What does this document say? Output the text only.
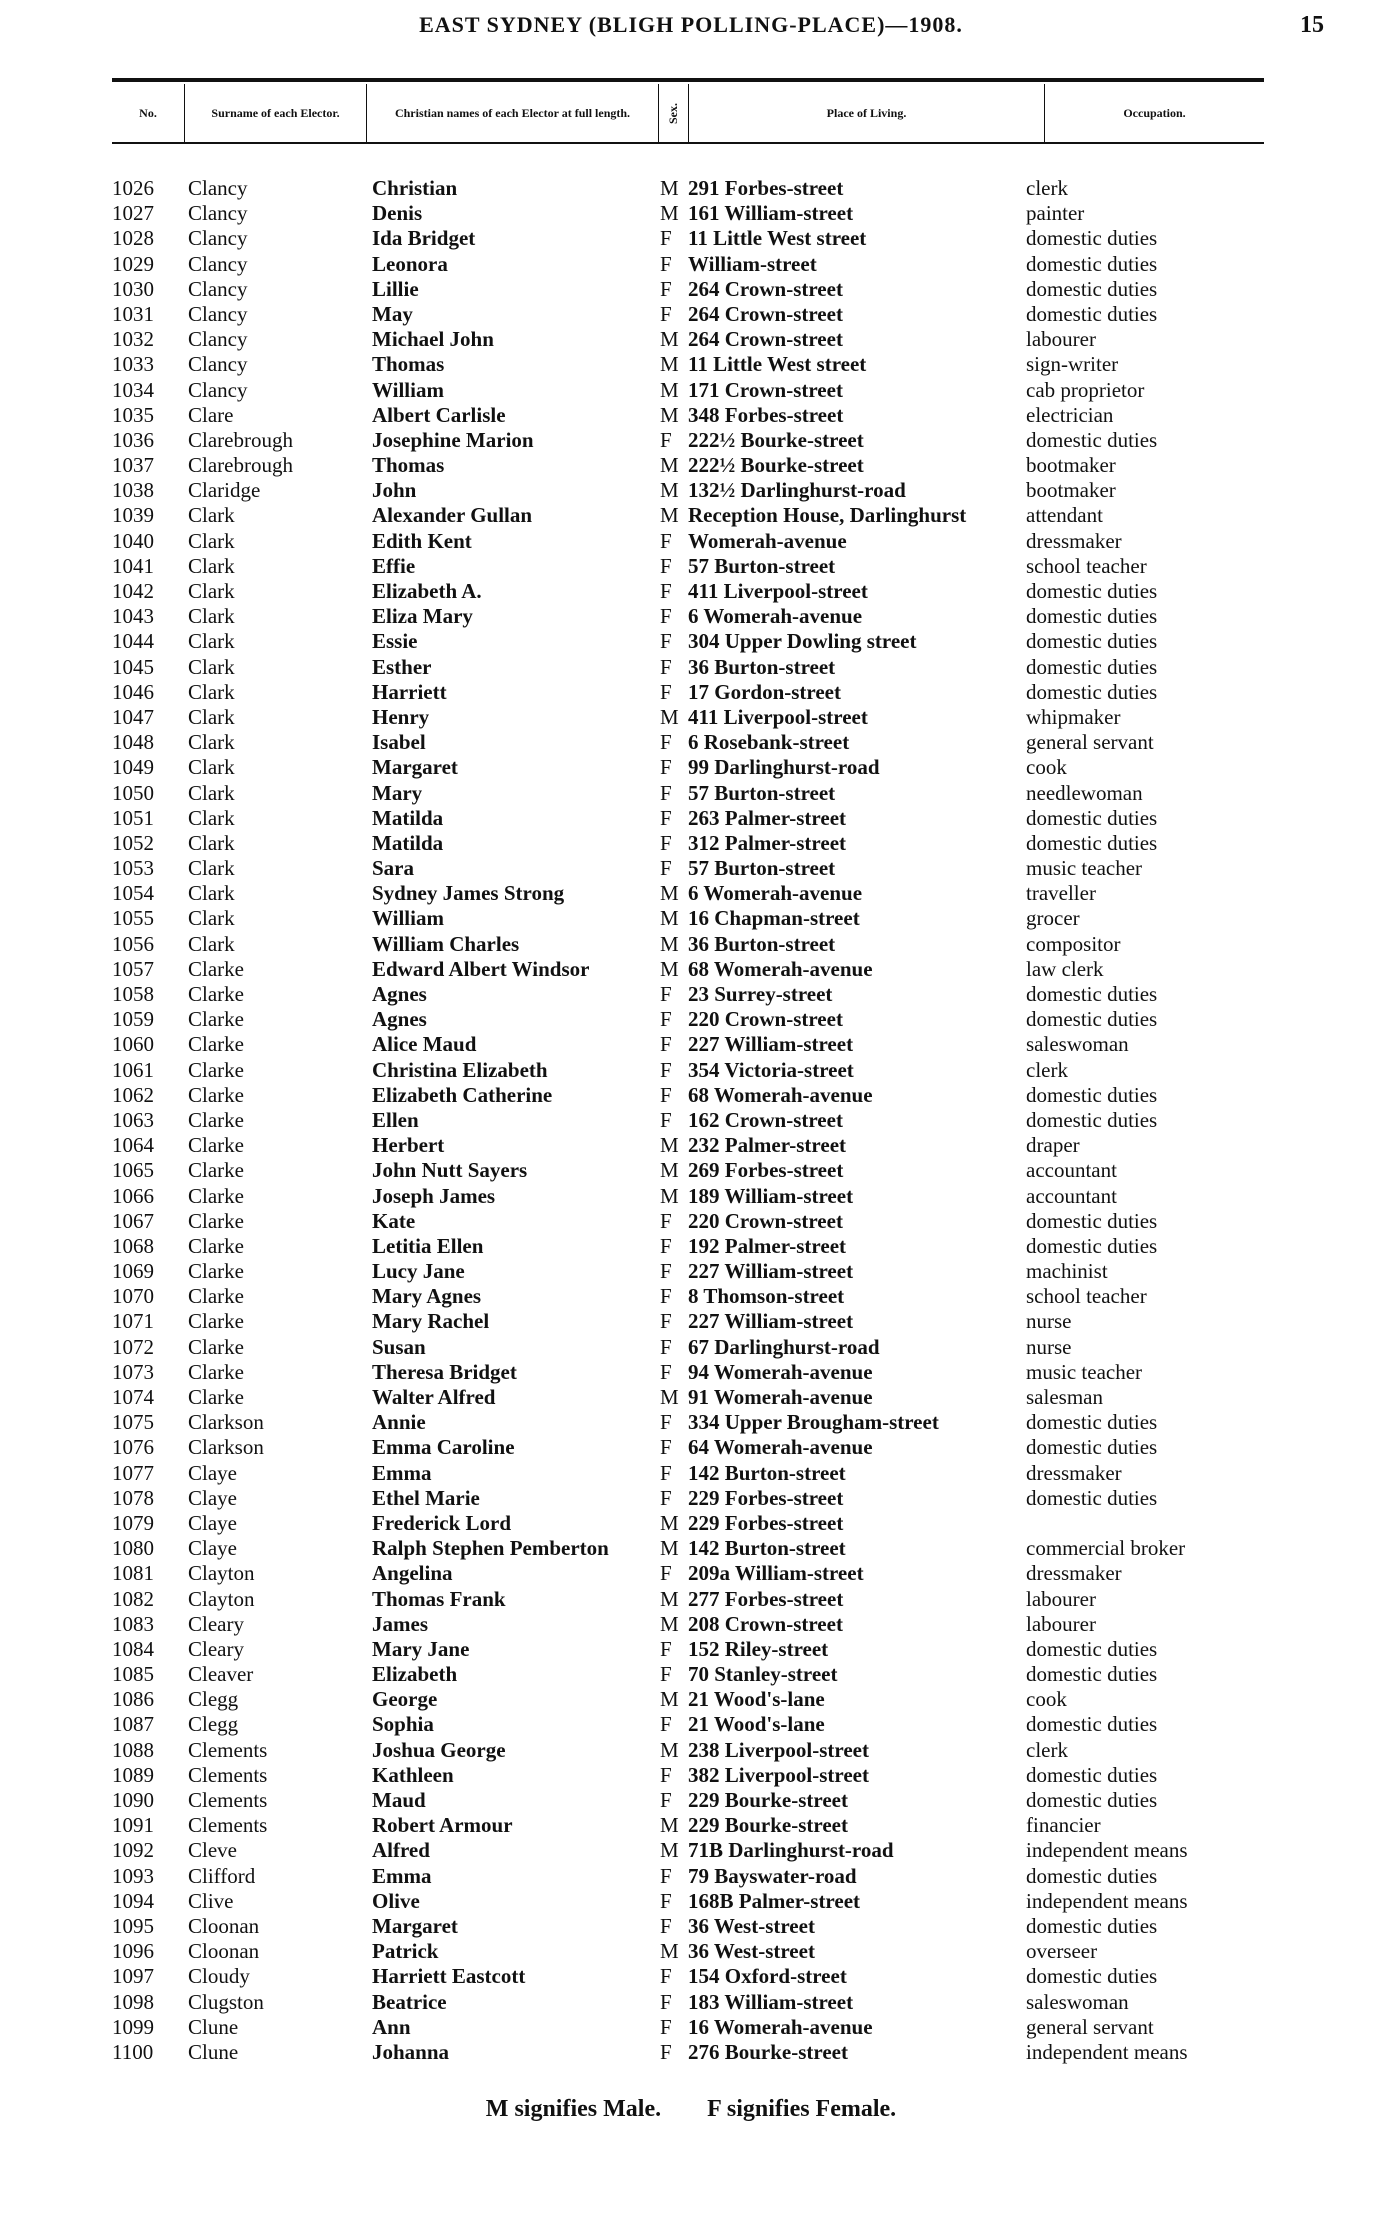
EAST SYDNEY (BLIGH POLLING-PLACE)—1908.	15
No.	Surname of each Elector.	Christian names of each Elector at full length.	Sex.	Place of Living.	Occupation.
1026	Clancy	Christian	M 291 Forbes-street	clerk
1027	Clancy	Denis	M 161 William-street	painter
1028	Clancy	Ida Bridget	F 11 Little West street	domestic duties
1029	Clancy	Leonora	F William-street	domestic duties
1030	Clancy	Lillie	F 264 Crown-street	domestic duties
1031	Clancy	May	F 264 Crown-street	domestic duties
1032	Clancy	Michael John	M 264 Crown-street	labourer
1033	Clancy	Thomas	M 11 Little West street	sign-writer
1034	Clancy	William	M 171 Crown-street	cab proprietor
1035	Clare	Albert Carlisle	M 348 Forbes-street	electrician
1036	Clarebrough	Josephine Marion	F 222½ Bourke-street	domestic duties
1037	Clarebrough	Thomas	M 222½ Bourke-street	bootmaker
1038	Claridge	John	M 132½ Darlinghurst-road	bootmaker
1039	Clark	Alexander Gullan	M Reception House, Darlinghurst	attendant
1040	Clark	Edith Kent	F Womerah-avenue	dressmaker
1041	Clark	Effie	F 57 Burton-street	school teacher
1042	Clark	Elizabeth A.	F 411 Liverpool-street	domestic duties
1043	Clark	Eliza Mary	F 6 Womerah-avenue	domestic duties
1044	Clark	Essie	F 304 Upper Dowling street	domestic duties
1045	Clark	Esther	F 36 Burton-street	domestic duties
1046	Clark	Harriett	F 17 Gordon-street	domestic duties
1047	Clark	Henry	M 411 Liverpool-street	whipmaker
1048	Clark	Isabel	F 6 Rosebank-street	general servant
1049	Clark	Margaret	F 99 Darlinghurst-road	cook
1050	Clark	Mary	F 57 Burton-street	needlewoman
1051	Clark	Matilda	F 263 Palmer-street	domestic duties
1052	Clark	Matilda	F 312 Palmer-street	domestic duties
1053	Clark	Sara	F 57 Burton-street	music teacher
1054	Clark	Sydney James Strong	M 6 Womerah-avenue	traveller
1055	Clark	William	M 16 Chapman-street	grocer
1056	Clark	William Charles	M 36 Burton-street	compositor
1057	Clarke	Edward Albert Windsor	M 68 Womerah-avenue	law clerk
1058	Clarke	Agnes	F 23 Surrey-street	domestic duties
1059	Clarke	Agnes	F 220 Crown-street	domestic duties
1060	Clarke	Alice Maud	F 227 William-street	saleswoman
1061	Clarke	Christina Elizabeth	F 354 Victoria-street	clerk
1062	Clarke	Elizabeth Catherine	F 68 Womerah-avenue	domestic duties
1063	Clarke	Ellen	F 162 Crown-street	domestic duties
1064	Clarke	Herbert	M 232 Palmer-street	draper
1065	Clarke	John Nutt Sayers	M 269 Forbes-street	accountant
1066	Clarke	Joseph James	M 189 William-street	accountant
1067	Clarke	Kate	F 220 Crown-street	domestic duties
1068	Clarke	Letitia Ellen	F 192 Palmer-street	domestic duties
1069	Clarke	Lucy Jane	F 227 William-street	machinist
1070	Clarke	Mary Agnes	F 8 Thomson-street	school teacher
1071	Clarke	Mary Rachel	F 227 William-street	nurse
1072	Clarke	Susan	F 67 Darlinghurst-road	nurse
1073	Clarke	Theresa Bridget	F 94 Womerah-avenue	music teacher
1074	Clarke	Walter Alfred	M 91 Womerah-avenue	salesman
1075	Clarkson	Annie	F 334 Upper Brougham-street	domestic duties
1076	Clarkson	Emma Caroline	F 64 Womerah-avenue	domestic duties
1077	Claye	Emma	F 142 Burton-street	dressmaker
1078	Claye	Ethel Marie	F 229 Forbes-street	domestic duties
1079	Claye	Frederick Lord	M 229 Forbes-street
1080	Claye	Ralph Stephen Pemberton	M 142 Burton-street	commercial broker
1081	Clayton	Angelina	F 209a William-street	dressmaker
1082	Clayton	Thomas Frank	M 277 Forbes-street	labourer
1083	Cleary	James	M 208 Crown-street	labourer
1084	Cleary	Mary Jane	F 152 Riley-street	domestic duties
1085	Cleaver	Elizabeth	F 70 Stanley-street	domestic duties
1086	Clegg	George	M 21 Wood's-lane	cook
1087	Clegg	Sophia	F 21 Wood's-lane	domestic duties
1088	Clements	Joshua George	M 238 Liverpool-street	clerk
1089	Clements	Kathleen	F 382 Liverpool-street	domestic duties
1090	Clements	Maud	F 229 Bourke-street	domestic duties
1091	Clements	Robert Armour	M 229 Bourke-street	financier
1092	Cleve	Alfred	M 71B Darlinghurst-road	independent means
1093	Clifford	Emma	F 79 Bayswater-road	domestic duties
1094	Clive	Olive	F 168B Palmer-street	independent means
1095	Cloonan	Margaret	F 36 West-street	domestic duties
1096	Cloonan	Patrick	M 36 West-street	overseer
1097	Cloudy	Harriett Eastcott	F 154 Oxford-street	domestic duties
1098	Clugston	Beatrice	F 183 William-street	saleswoman
1099	Clune	Ann	F 16 Womerah-avenue	general servant
1100	Clune	Johanna	F 276 Bourke-street	independent means
M signifies Male. F signifies Female.
